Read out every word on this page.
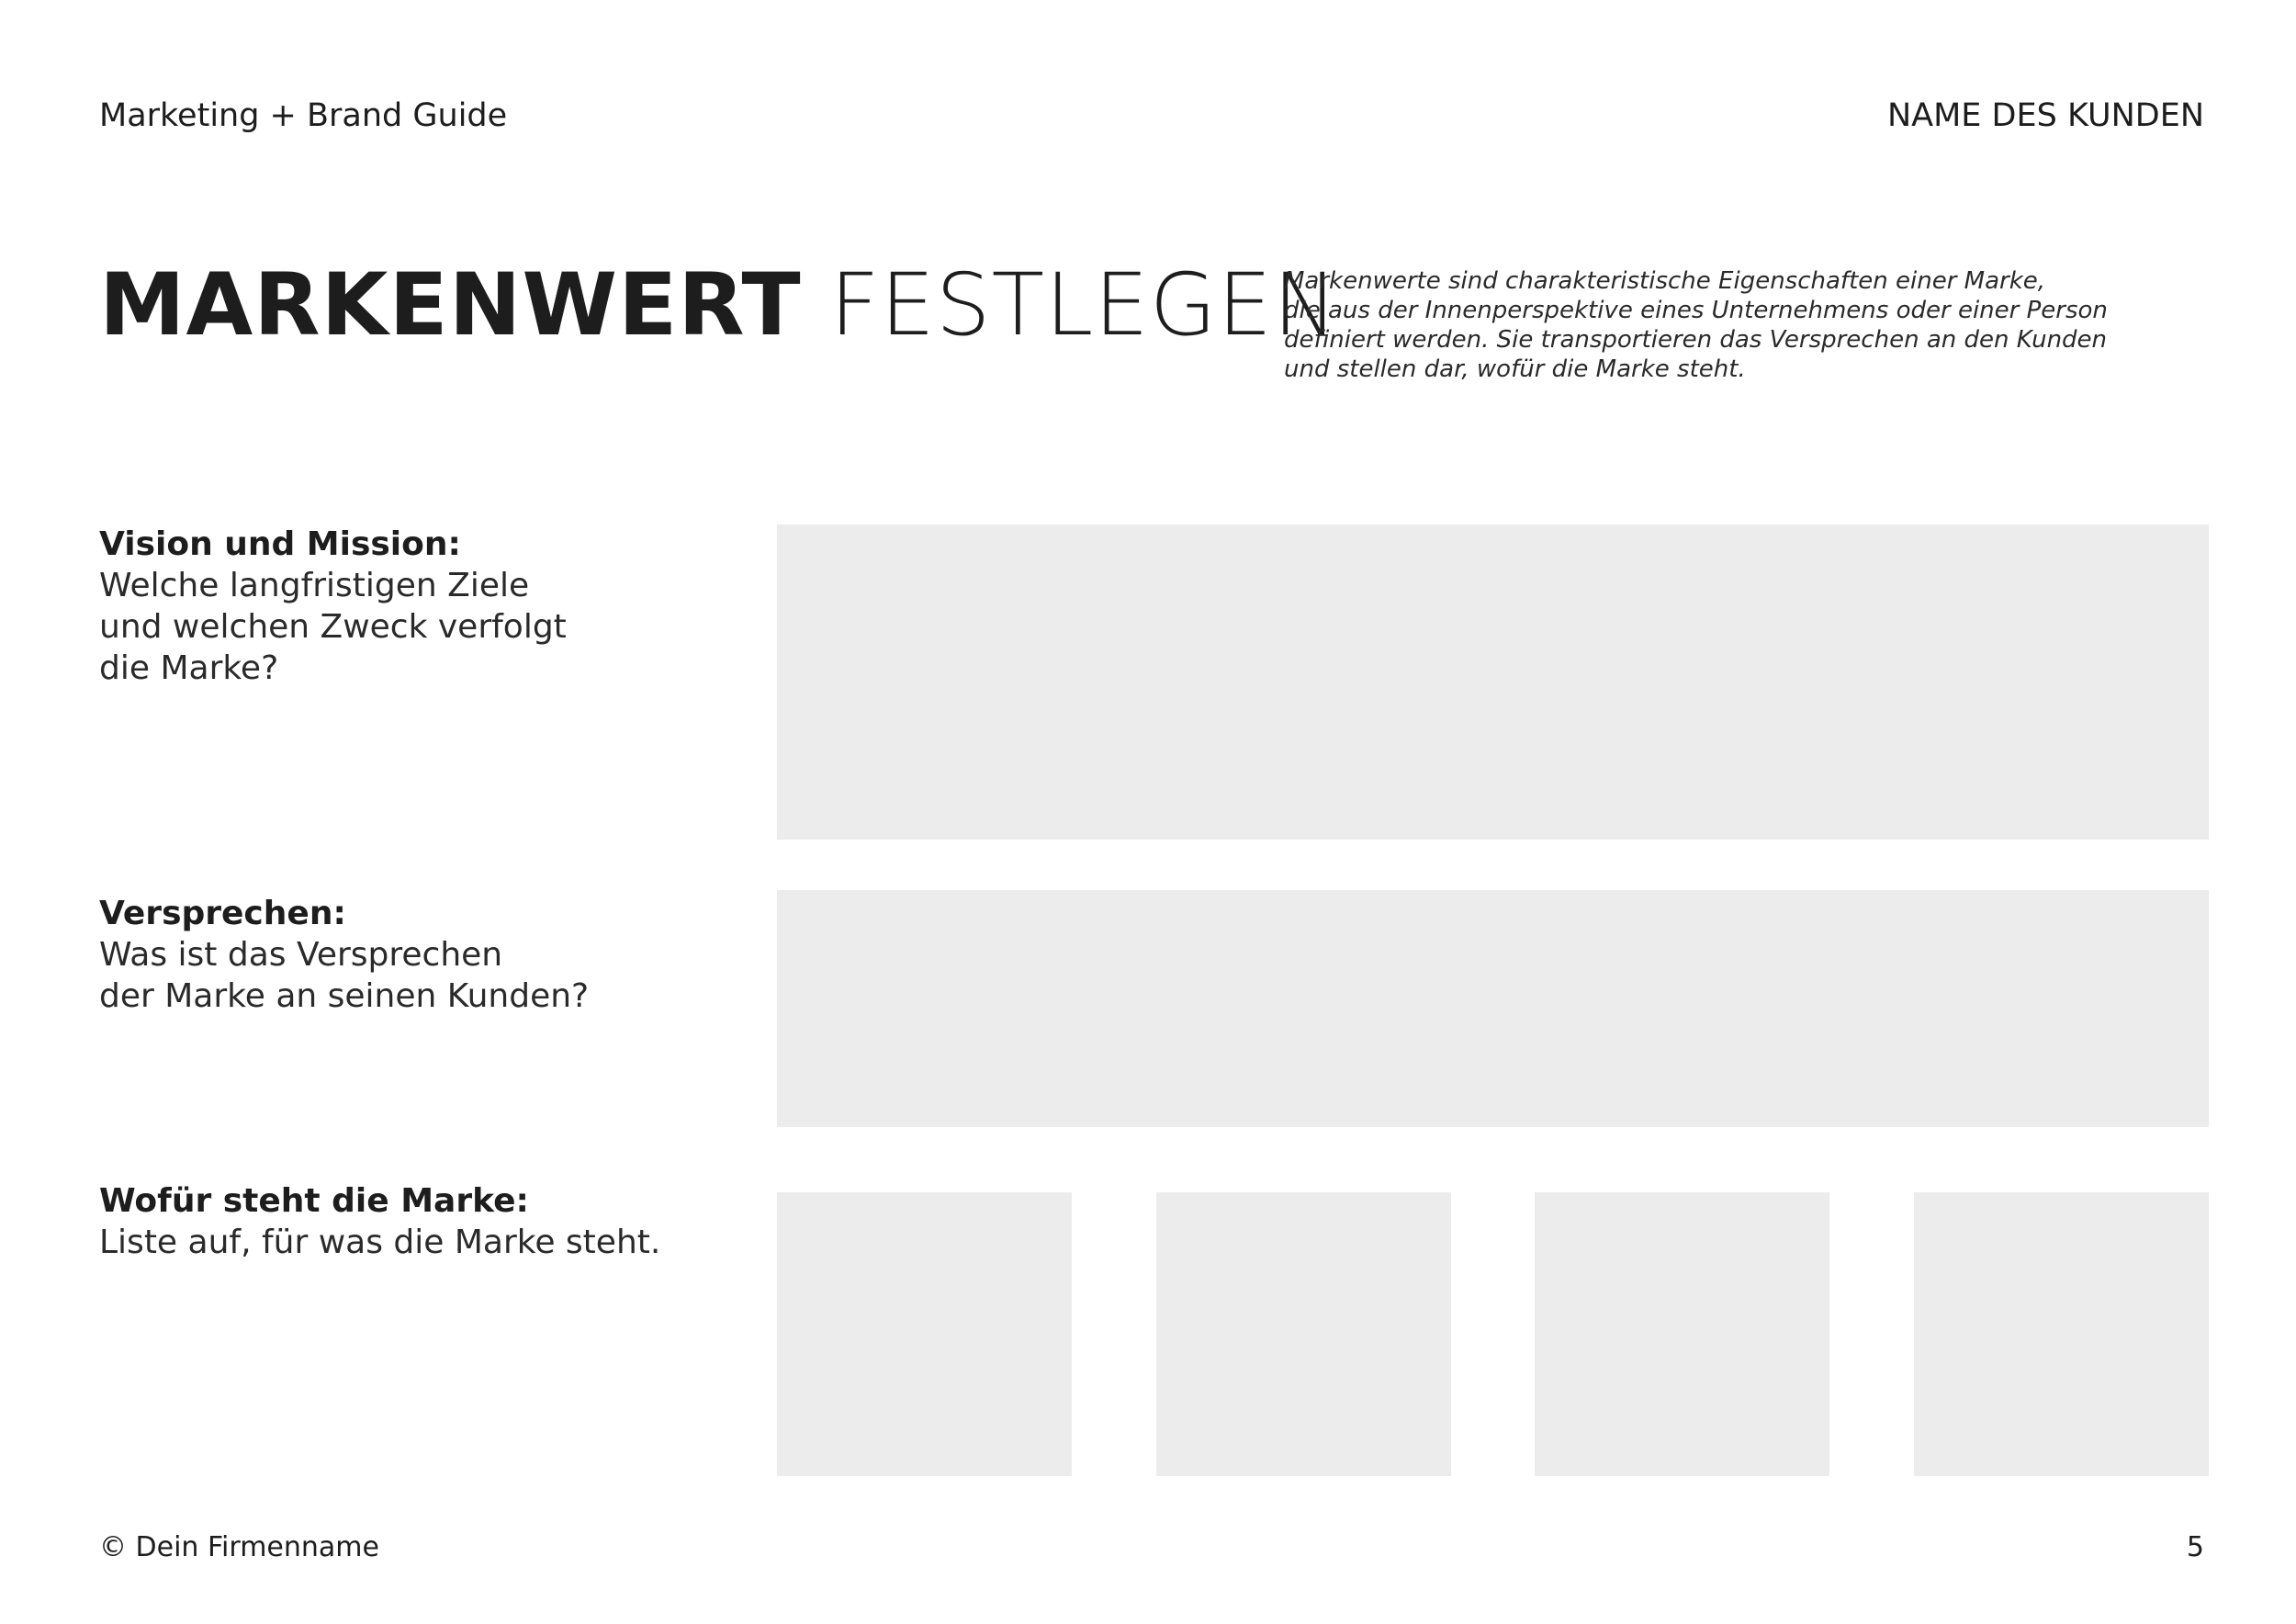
Marketing + Brand Guide	NAME DES KUNDEN
MARKENWERT FESTLEGEN
Markenwerte sind charakteristische Eigenschaften einer Marke,
die aus der Innenperspektive eines Unternehmens oder einer Person
definiert werden. Sie transportieren das Versprechen an den Kunden
und stellen dar, wofür die Marke steht.
Vision und Mission:
Welche langfristigen Ziele
und welchen Zweck verfolgt
die Marke?
Versprechen:
Was ist das Versprechen
der Marke an seinen Kunden?
Wofür steht die Marke:
Liste auf, für was die Marke steht.
© Dein Firmenname	5
